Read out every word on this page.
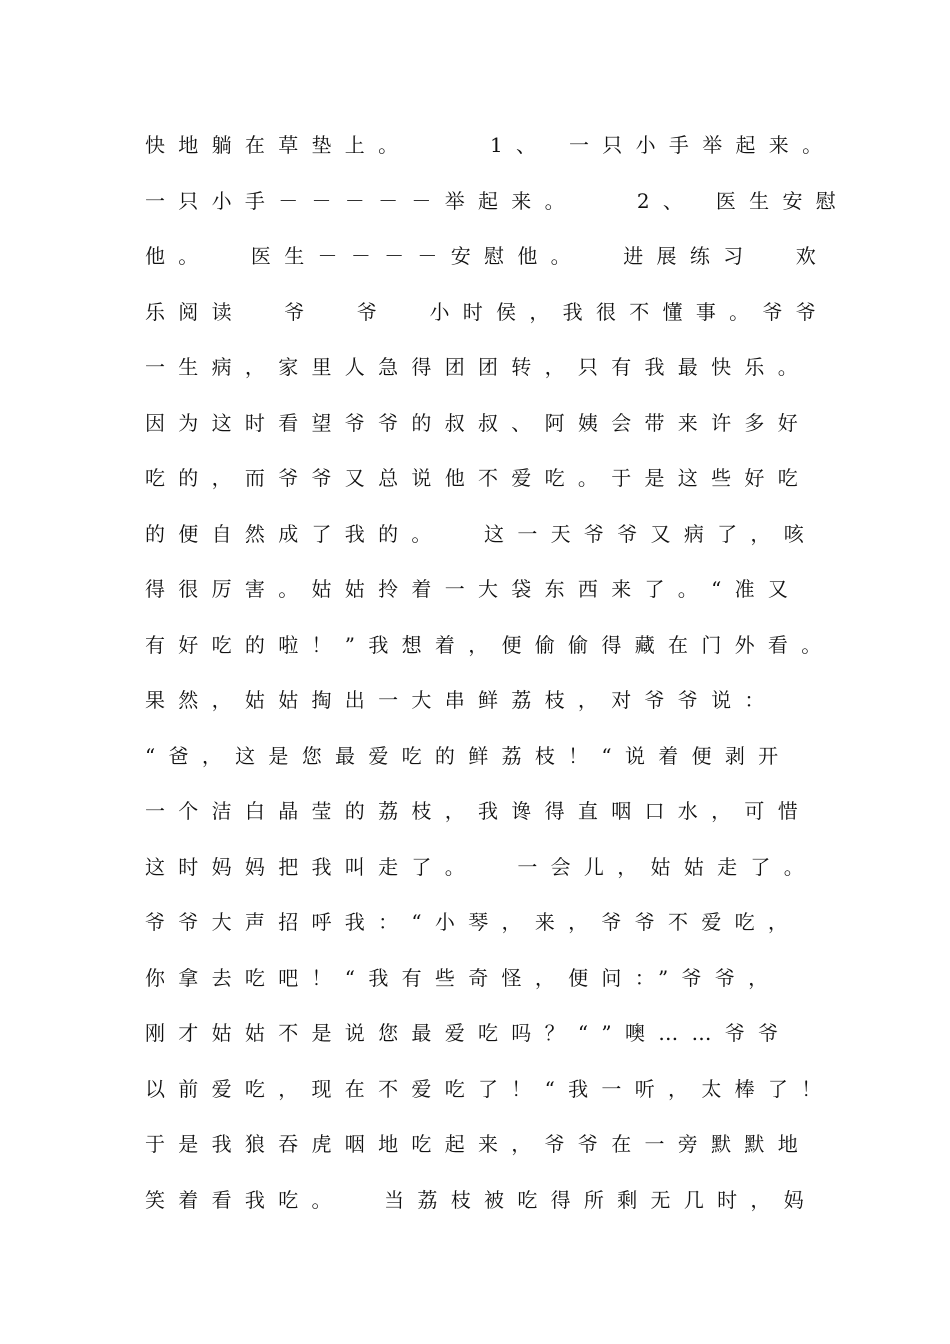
快地躺在草垫上。    1、 一只小手举起来。
一只小手－－－－－举起来。   2、 医生安慰
他。  医生－－－－安慰他。  进展练习  欢
乐阅读  爷  爷  小时侯，我很不懂事。爷爷
一生病，家里人急得团团转，只有我最快乐。
因为这时看望爷爷的叔叔、阿姨会带来许多好
吃的，而爷爷又总说他不爱吃。于是这些好吃
的便自然成了我的。  这一天爷爷又病了，咳
得很厉害。姑姑拎着一大袋东西来了。“准又
有好吃的啦！”我想着，便偷偷得藏在门外看。
果然，姑姑掏出一大串鲜荔枝，对爷爷说：
“爸，这是您最爱吃的鲜荔枝！“说着便剥开
一个洁白晶莹的荔枝，我谗得直咽口水，可惜
这时妈妈把我叫走了。  一会儿，姑姑走了。
爷爷大声招呼我：“小琴，来，爷爷不爱吃，
你拿去吃吧！“我有些奇怪，便问：”爷爷，
刚才姑姑不是说您最爱吃吗？“”噢……爷爷
以前爱吃，现在不爱吃了！“我一听，太棒了！
于是我狼吞虎咽地吃起来，爷爷在一旁默默地
笑着看我吃。  当荔枝被吃得所剩无几时，妈
